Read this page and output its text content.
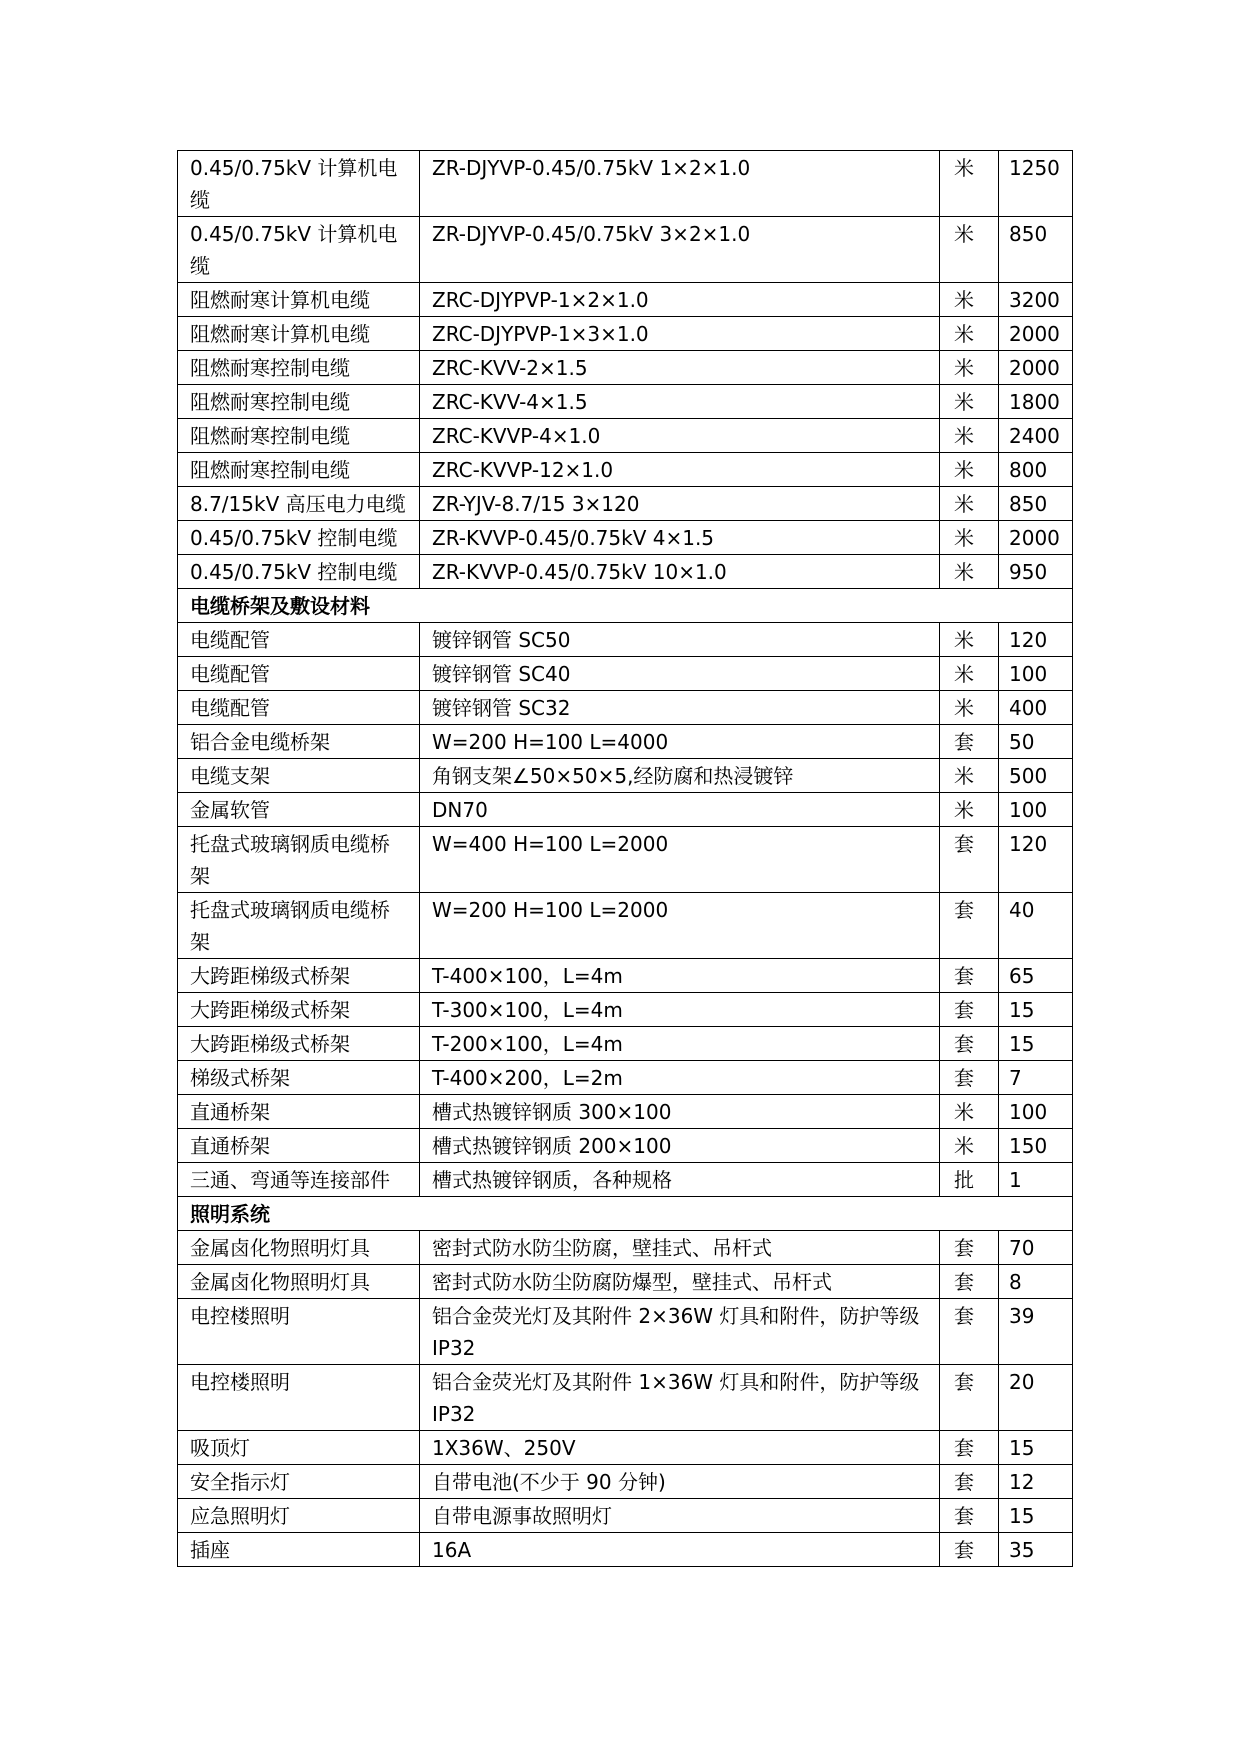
0.45/0.75kV 计算机电缆	ZR-DJYVP-0.45/0.75kV 1×2×1.0	米	1250
0.45/0.75kV 计算机电缆	ZR-DJYVP-0.45/0.75kV 3×2×1.0	米	850
阻燃耐寒计算机电缆	ZRC-DJYPVP-1×2×1.0	米	3200
阻燃耐寒计算机电缆	ZRC-DJYPVP-1×3×1.0	米	2000
阻燃耐寒控制电缆	ZRC-KVV-2×1.5	米	2000
阻燃耐寒控制电缆	ZRC-KVV-4×1.5	米	1800
阻燃耐寒控制电缆	ZRC-KVVP-4×1.0	米	2400
阻燃耐寒控制电缆	ZRC-KVVP-12×1.0	米	800
8.7/15kV 高压电力电缆	ZR-YJV-8.7/15 3×120	米	850
0.45/0.75kV 控制电缆	ZR-KVVP-0.45/0.75kV 4×1.5	米	2000
0.45/0.75kV 控制电缆	ZR-KVVP-0.45/0.75kV 10×1.0	米	950
电缆桥架及敷设材料			
电缆配管	镀锌钢管 SC50	米	120
电缆配管	镀锌钢管 SC40	米	100
电缆配管	镀锌钢管 SC32	米	400
铝合金电缆桥架	W=200 H=100 L=4000	套	50
电缆支架	角钢支架∠50×50×5,经防腐和热浸镀锌	米	500
金属软管	DN70	米	100
托盘式玻璃钢质电缆桥架	W=400 H=100 L=2000	套	120
托盘式玻璃钢质电缆桥架	W=200 H=100 L=2000	套	40
大跨距梯级式桥架	T-400×100，L=4m	套	65
大跨距梯级式桥架	T-300×100，L=4m	套	15
大跨距梯级式桥架	T-200×100，L=4m	套	15
梯级式桥架	T-400×200，L=2m	套	7
直通桥架	槽式热镀锌钢质 300×100	米	100
直通桥架	槽式热镀锌钢质 200×100	米	150
三通、弯通等连接部件	槽式热镀锌钢质，各种规格	批	1
照明系统			
金属卤化物照明灯具	密封式防水防尘防腐，壁挂式、吊杆式	套	70
金属卤化物照明灯具	密封式防水防尘防腐防爆型，壁挂式、吊杆式	套	8
电控楼照明	铝合金荧光灯及其附件 2×36W 灯具和附件，防护等级 IP32	套	39
电控楼照明	铝合金荧光灯及其附件 1×36W 灯具和附件，防护等级 IP32	套	20
吸顶灯	1X36W、250V	套	15
安全指示灯	自带电池(不少于 90 分钟)	套	12
应急照明灯	自带电源事故照明灯	套	15
插座	16A	套	35
